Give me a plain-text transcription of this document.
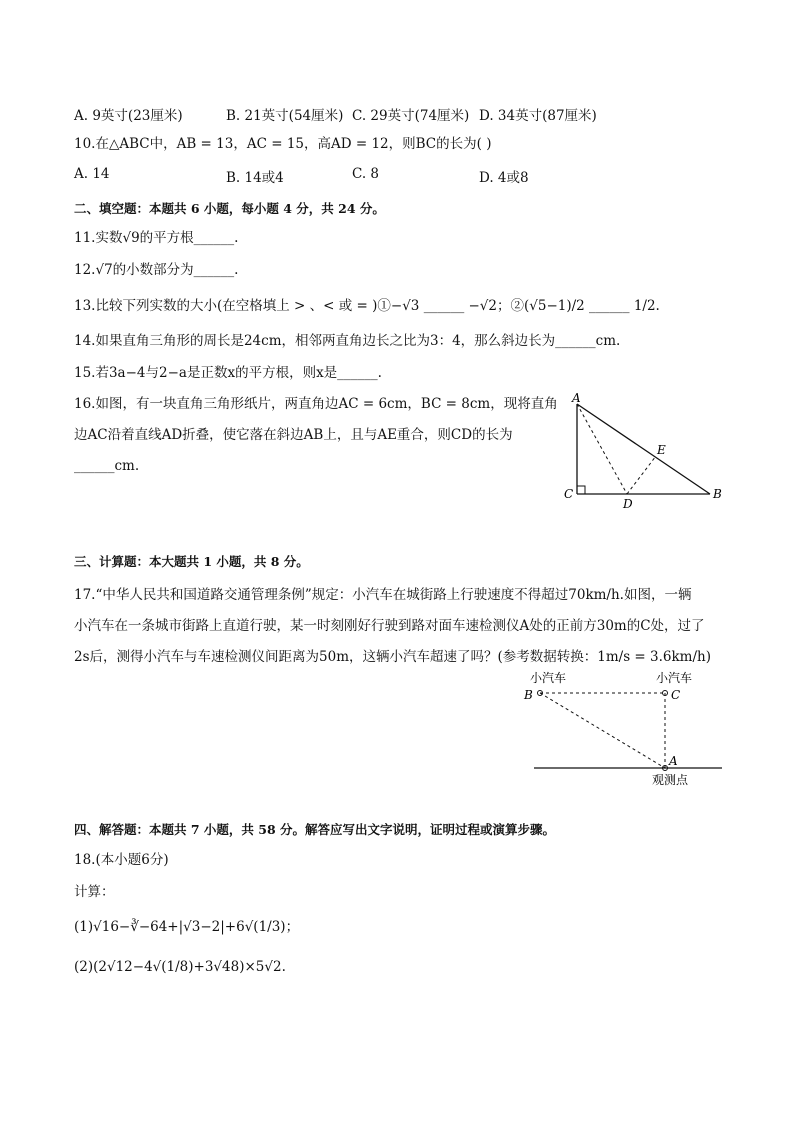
A. 9英寸(23厘米)	B. 21英寸(54厘米) C. 29英寸(74厘米) D. 34英寸(87厘米)
10.在△ABC中，AB = 13，AC = 15，高AD = 12，则BC的长为( )
A. 14	B. 14或4	C. 8	D. 4或8
二、填空题：本题共 6 小题，每小题 4 分，共 24 分。
11.实数√9的平方根______.
12.√7的小数部分为______.
13.比较下列实数的大小(在空格填上 > 、< 或 = )①−√3 ______ −√2；②(√5−1)/2 ______ 1/2.
14.如果直角三角形的周长是24cm，相邻两直角边长之比为3：4，那么斜边长为______cm.
15.若3a−4与2−a是正数x的平方根，则x是______.
16.如图，有一块直角三角形纸片，两直角边AC = 6cm，BC = 8cm，现将直角
边AC沿着直线AD折叠，使它落在斜边AB上，且与AE重合，则CD的长为
______cm.
A
C
D
E
B
三、计算题：本大题共 1 小题，共 8 分。
17.“中华人民共和国道路交通管理条例”规定：小汽车在城街路上行驶速度不得超过70km/h.如图，一辆
小汽车在一条城市街路上直道行驶，某一时刻刚好行驶到路对面车速检测仪A处的正前方30m的C处，过了
2s后，测得小汽车与车速检测仪间距离为50m，这辆小汽车超速了吗？(参考数据转换：1m/s = 3.6km/h)
小汽车	小汽车
B	C
A
观测点
四、解答题：本题共 7 小题，共 58 分。解答应写出文字说明，证明过程或演算步骤。
18.(本小题6分)
计算：
(1)√16−∛−64+|√3−2|+6√(1/3)；
(2)(2√12−4√(1/8)+3√48)×5√2.
